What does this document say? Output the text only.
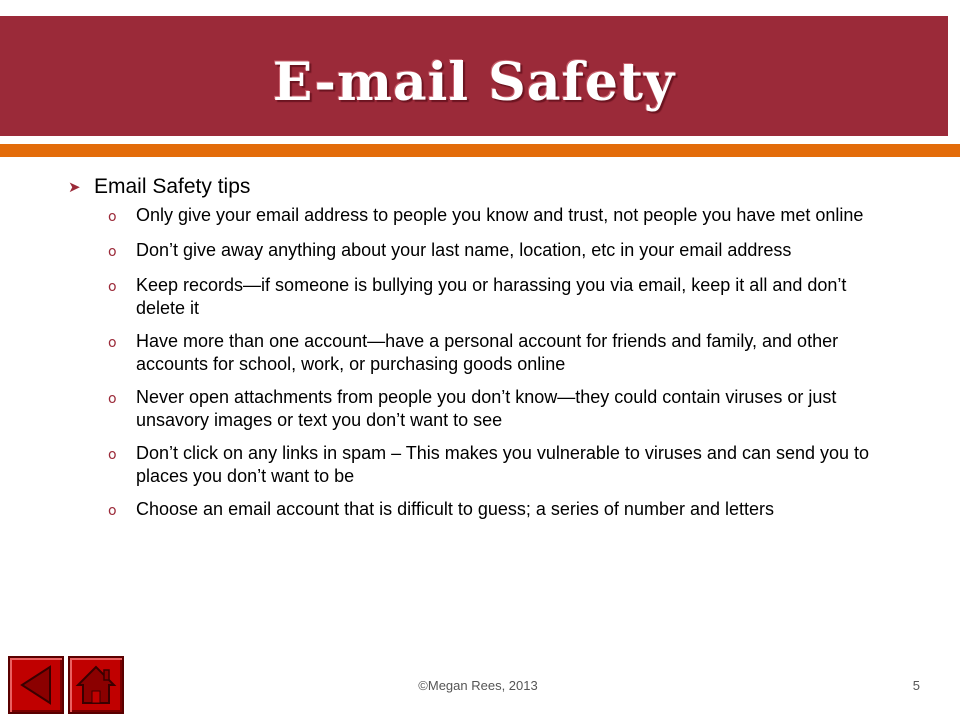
E-mail Safety
➤ Email Safety tips
o	Only give your email address to people you know and trust, not people you have met online
o	Don’t give away anything about your last name, location, etc in your email address
o	Keep records—if someone is bullying you or harassing you via email, keep it all and don’t delete it
o	Have more than one account—have a personal account for friends and family, and other accounts for school, work, or purchasing goods online
o	Never open attachments from people you don’t know—they could contain viruses or just unsavory images or text you don’t want to see
o	Don’t click on any links in spam – This makes you vulnerable to viruses and can send you to places you don’t want to be
o	Choose an email account that is difficult to guess; a series of number and letters
©Megan Rees, 2013	5
